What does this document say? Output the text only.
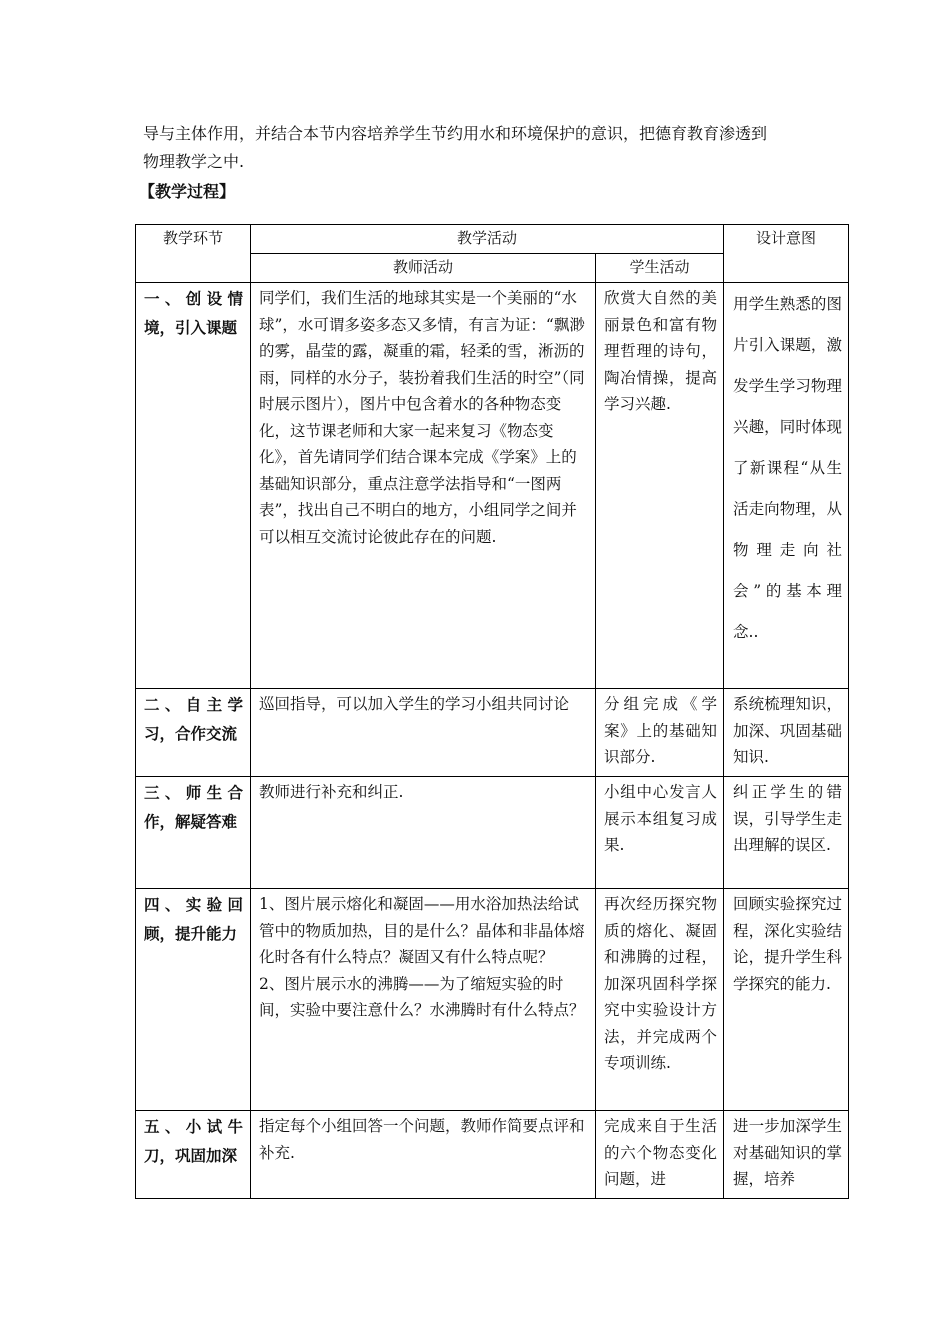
导与主体作用，并结合本节内容培养学生节约用水和环境保护的意识，把德育教育渗透到

物理教学之中.

【教学过程】
教学环节	教学活动		设计意图
	教师活动	学生活动	
一、创设情境，引入课题	同学们，我们生活的地球其实是一个美丽的“水球”，水可谓多姿多态又多情，有言为证：“飘渺的雾，晶莹的露，凝重的霜，轻柔的雪，淅沥的雨，同样的水分子，装扮着我们生活的时空”（同时展示图片），图片中包含着水的各种物态变化，这节课老师和大家一起来复习《物态变化》，首先请同学们结合课本完成《学案》上的基础知识部分，重点注意学法指导和“一图两表”，找出自己不明白的地方，小组同学之间并可以相互交流讨论彼此存在的问题.	欣赏大自然的美丽景色和富有物理哲理的诗句，陶冶情操，提高学习兴趣.	用学生熟悉的图片引入课题，激发学生学习物理兴趣，同时体现了新课程“从生活走向物理，从物理走向社会”的基本理念..
二、自主学习，合作交流	巡回指导，可以加入学生的学习小组共同讨论	分组完成《学案》上的基础知识部分.	系统梳理知识，加深、巩固基础知识.
三、师生合作，解疑答难	教师进行补充和纠正.	小组中心发言人展示本组复习成果.	纠正学生的错误，引导学生走出理解的误区.
四、实验回顾，提升能力	1、图片展示熔化和凝固——用水浴加热法给试管中的物质加热，目的是什么？晶体和非晶体熔化时各有什么特点？凝固又有什么特点呢？
2、图片展示水的沸腾——为了缩短实验的时间，实验中要注意什么？水沸腾时有什么特点？	再次经历探究物质的熔化、凝固和沸腾的过程，加深巩固科学探究中实验设计方法，并完成两个专项训练.	回顾实验探究过程，深化实验结论，提升学生科学探究的能力.
五、小试牛刀，巩固加深	指定每个小组回答一个问题，教师作简要点评和补充.	完成来自于生活的六个物态变化问题，进	进一步加深学生对基础知识的掌握，培养
